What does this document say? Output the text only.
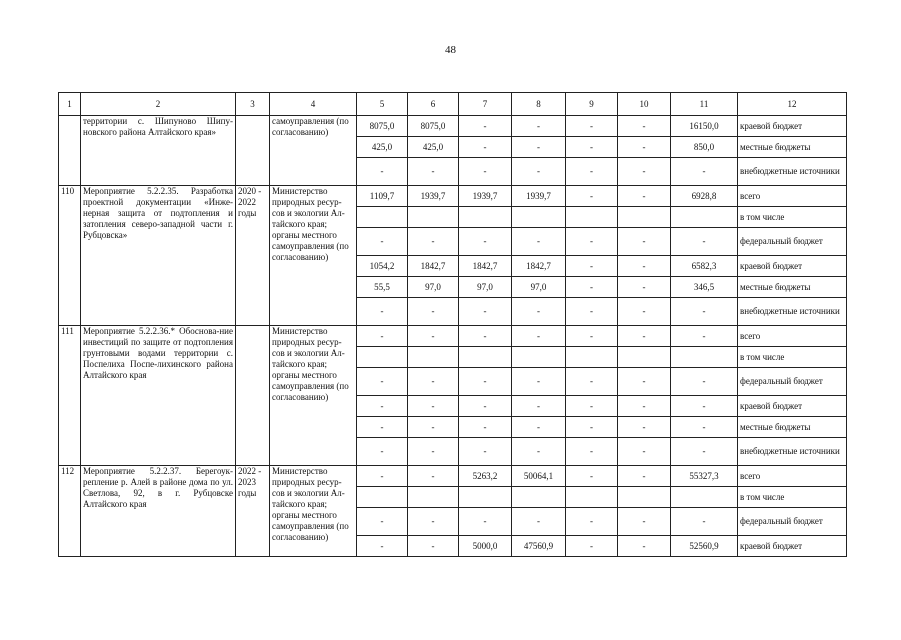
48
1	2	3	4	5	6	7	8	9	10	11	12
	территории с. Шипуново Шипу-новского района Алтайского края»		самоуправления (по согласованию)	8075,0	8075,0	-	-	-	-	16150,0	краевой бюджет
				425,0	425,0	-	-	-	-	850,0	местные бюджеты
				-	-	-	-	-	-	-	внебюджетные источники
110	Мероприятие 5.2.2.35. Разработка проектной документации «Инже-нерная защита от подтопления и затопления северо-западной части г. Рубцовска»	2020 - 2022 годы	Министерство природных ресур-сов и экологии Ал-тайского края; органы местного самоуправления (по согласованию)	1109,7	1939,7	1939,7	1939,7	-	-	6928,8	всего
											в том числе
				-	-	-	-	-	-	-	федеральный бюджет
				1054,2	1842,7	1842,7	1842,7	-	-	6582,3	краевой бюджет
				55,5	97,0	97,0	97,0	-	-	346,5	местные бюджеты
				-	-	-	-	-	-	-	внебюджетные источники
111	Мероприятие 5.2.2.36.* Обоснова-ние инвестиций по защите от подтопления грунтовыми водами территории с. Поспелиха Поспе-лихинского района Алтайского края		Министерство природных ресур-сов и экологии Ал-тайского края; органы местного самоуправления (по согласованию)	-	-	-	-	-	-	-	всего
											в том числе
				-	-	-	-	-	-	-	федеральный бюджет
				-	-	-	-	-	-	-	краевой бюджет
				-	-	-	-	-	-	-	местные бюджеты
				-	-	-	-	-	-	-	внебюджетные источники
112	Мероприятие 5.2.2.37. Берегоук-репление р. Алей в районе дома по ул. Светлова, 92, в г. Рубцовске Алтайского края	2022 - 2023 годы	Министерство природных ресур-сов и экологии Ал-тайского края; органы местного самоуправления (по согласованию)	-	-	5263,2	50064,1	-	-	55327,3	всего
											в том числе
				-	-	-	-	-	-	-	федеральный бюджет
				-	-	5000,0	47560,9	-	-	52560,9	краевой бюджет
